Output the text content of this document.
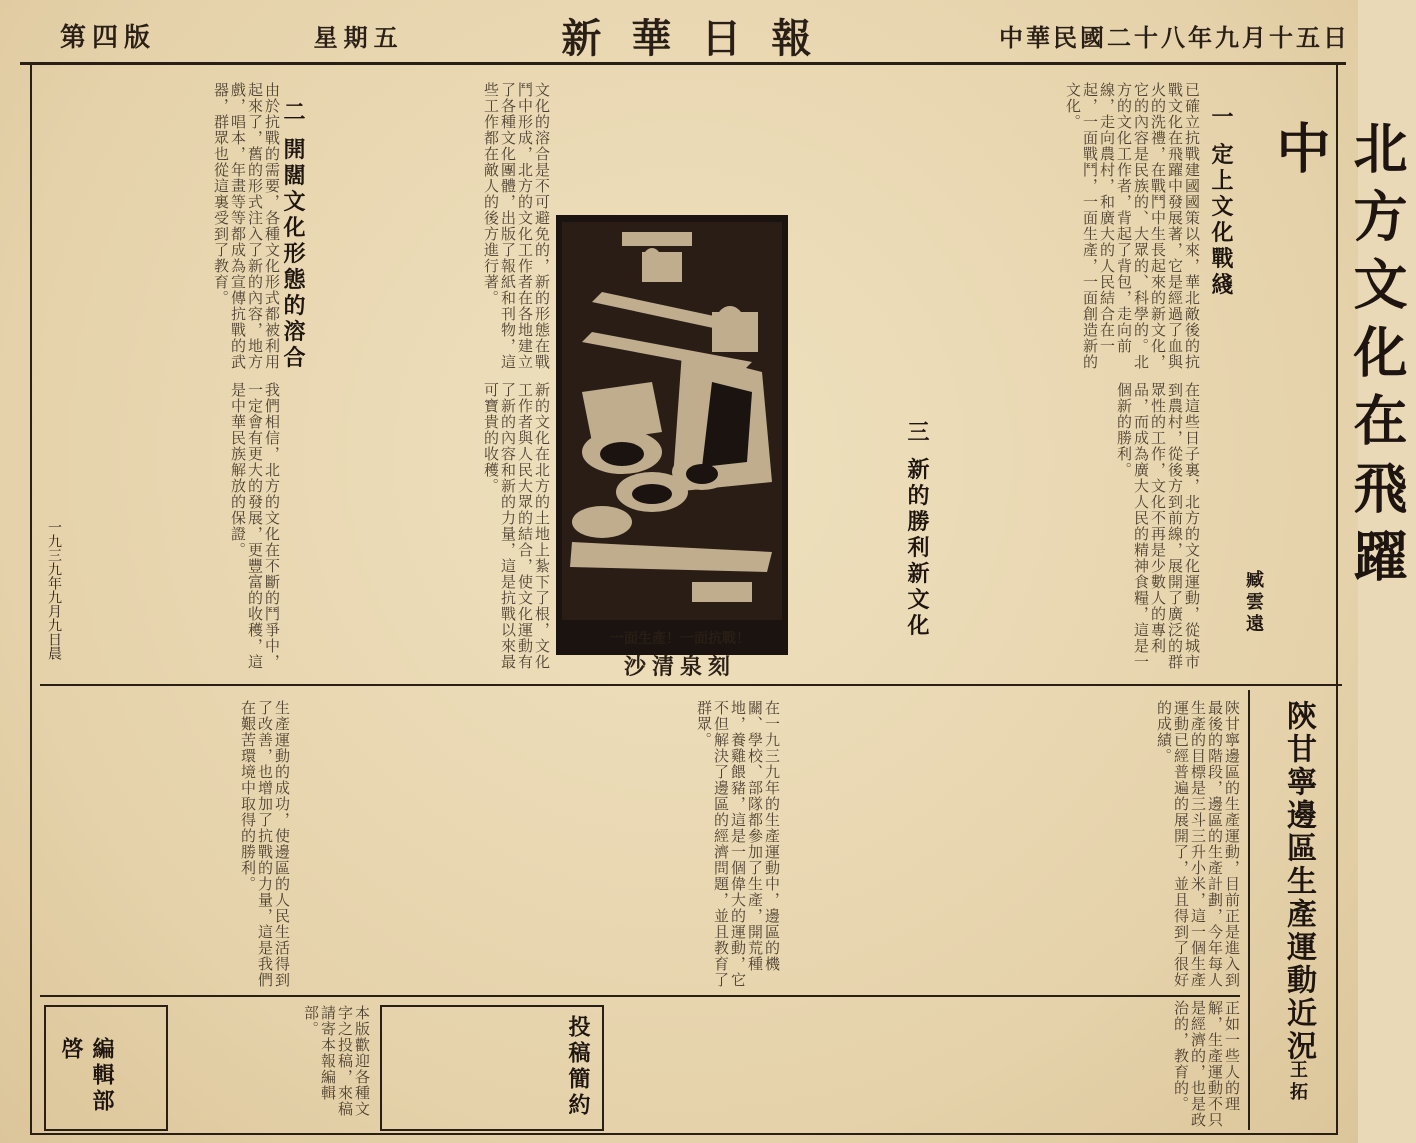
第四版	星期五	新華日報	中華民國二十八年九月十五日
北方文化在飛躍中
臧雲遠
一 定上文化戰綫
二 開闊文化形態的溶合
三 新的勝利新文化
已確立抗戰建國國策以來，華北敵後的抗戰文化在飛躍中發展著，它是經過了血與火的洗禮，在戰鬥中生長起來的新文化，它的內容是民族的、大眾的、科學的。北方的文化工作者，背起了背包，走向前線，走向農村，和廣大的人民結合在一起，一面戰鬥，一面生產，一面創造新的文化。
在這些日子裏，北方的文化運動，從城市到農村，從後方到前線，展開了廣泛的群眾性的工作，文化不再是少數人的專利品，而成為廣大人民的精神食糧，這是一個新的勝利。
文化的溶合是不可避免的，新的形態在戰鬥中形成，北方的文化工作者在各地建立了各種文化團體，出版了報紙和刊物，這些工作都在敵人的後方進行著。
由於抗戰的需要，各種文化形式都被利用起來了，舊的形式注入了新的內容，地方戲，唱本，年畫等等都成為宣傳抗戰的武器，群眾也從這裏受到了教育。
新的文化在北方的土地上紮下了根，文化工作者與人民大眾的結合，使文化運動有了新的內容和新的力量，這是抗戰以來最可寶貴的收穫。
我們相信，北方的文化在不斷的鬥爭中，一定會有更大的發展，更豐富的收穫，這是中華民族解放的保證。
一九三九年九月九日晨	一面生產！一面抗戰！
沙清泉刻
陝甘寧邊區生產運動近況
王拓
陝甘寧邊區的生產運動，目前正是進入到最後的階段，邊區的生產計劃，今年每人生產的目標是三斗三升小米，這一個生產運動已經普遍的展開了，並且得到了很好的成績。
在一九三九年的生產運動中，邊區的機關、學校、部隊都參加了生產，開荒種地，養雞餵豬，這是一個偉大的運動，它不但解決了邊區的經濟問題，並且教育了群眾。
生產運動的成功，使邊區的人民生活得到了改善，也增加了抗戰的力量，這是我們在艱苦環境中取得的勝利。
正如一些人的理解，生產運動不只是經濟的，也是政治的，教育的。
投稿簡約
編輯部啓	本版歡迎各種文字之投稿，來稿請寄本報編輯部。
